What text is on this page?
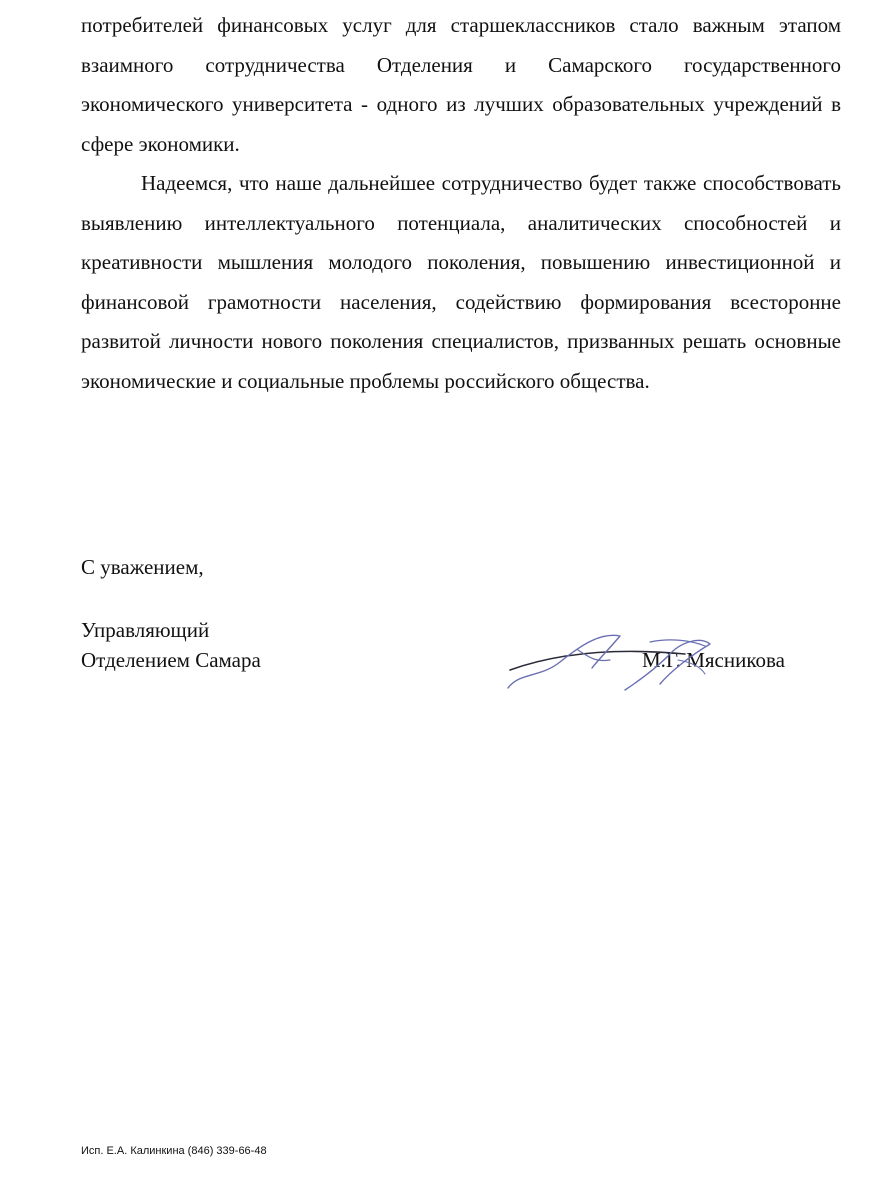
потребителей финансовых услуг для старшеклассников стало важным этапом взаимного сотрудничества Отделения и Самарского государственного экономического университета - одного из лучших образовательных учреждений в сфере экономики.

Надеемся, что наше дальнейшее сотрудничество будет также способствовать выявлению интеллектуального потенциала, аналитических способностей и креативности мышления молодого поколения, повышению инвестиционной и финансовой грамотности населения, содействию формирования всесторонне развитой личности нового поколения специалистов, призванных решать основные экономические и социальные проблемы российского общества.

С уважением,
Управляющий
Отделением Самара	М.Г. Мясникова
Исп. Е.А. Калинкина (846) 339-66-48
